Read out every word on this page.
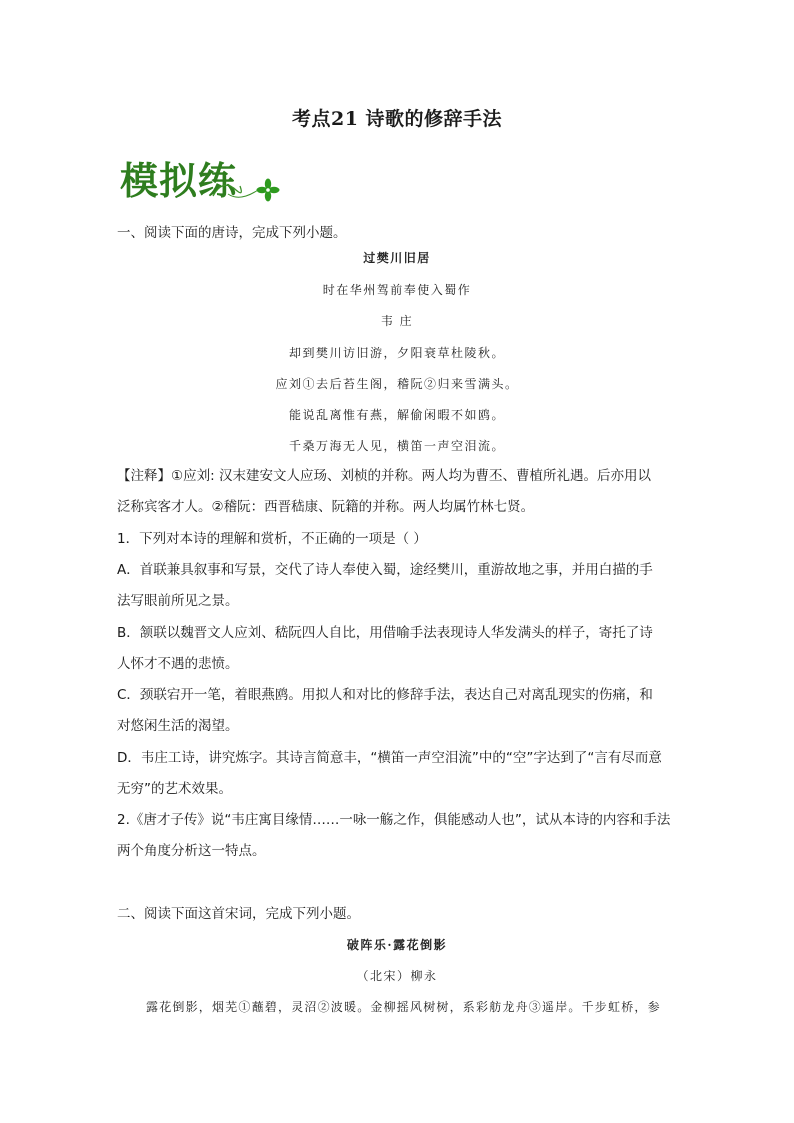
考点21 诗歌的修辞手法
模拟练
一、阅读下面的唐诗，完成下列小题。
过樊川旧居
时在华州驾前奉使入蜀作
韦 庄
却到樊川访旧游，夕阳衰草杜陵秋。
应刘①去后苔生阁，稽阮②归来雪满头。
能说乱离惟有燕，解偷闲暇不如鸥。
千桑万海无人见，横笛一声空泪流。
【注释】①应刘: 汉末建安文人应玚、刘桢的并称。两人均为曹丕、曹植所礼遇。后亦用以
泛称宾客才人。②稽阮：西晋嵇康、阮籍的并称。两人均属竹林七贤。
1．下列对本诗的理解和赏析，不正确的一项是（ ）
A．首联兼具叙事和写景，交代了诗人奉使入蜀，途经樊川，重游故地之事，并用白描的手
法写眼前所见之景。
B．颔联以魏晋文人应刘、嵇阮四人自比，用借喻手法表现诗人华发满头的样子，寄托了诗
人怀才不遇的悲愤。
C．颈联宕开一笔，着眼燕鸥。用拟人和对比的修辞手法，表达自己对离乱现实的伤痛，和
对悠闲生活的渴望。
D．韦庄工诗，讲究炼字。其诗言简意丰，“横笛一声空泪流”中的“空”字达到了“言有尽而意
无穷”的艺术效果。
2.《唐才子传》说“韦庄寓目缘情……一咏一觞之作，俱能感动人也”，试从本诗的内容和手法
两个角度分析这一特点。
二、阅读下面这首宋词，完成下列小题。
破阵乐·露花倒影
（北宋）柳永
露花倒影，烟芜①蘸碧，灵沼②波暖。金柳摇风树树，系彩舫龙舟③遥岸。千步虹桥，参
